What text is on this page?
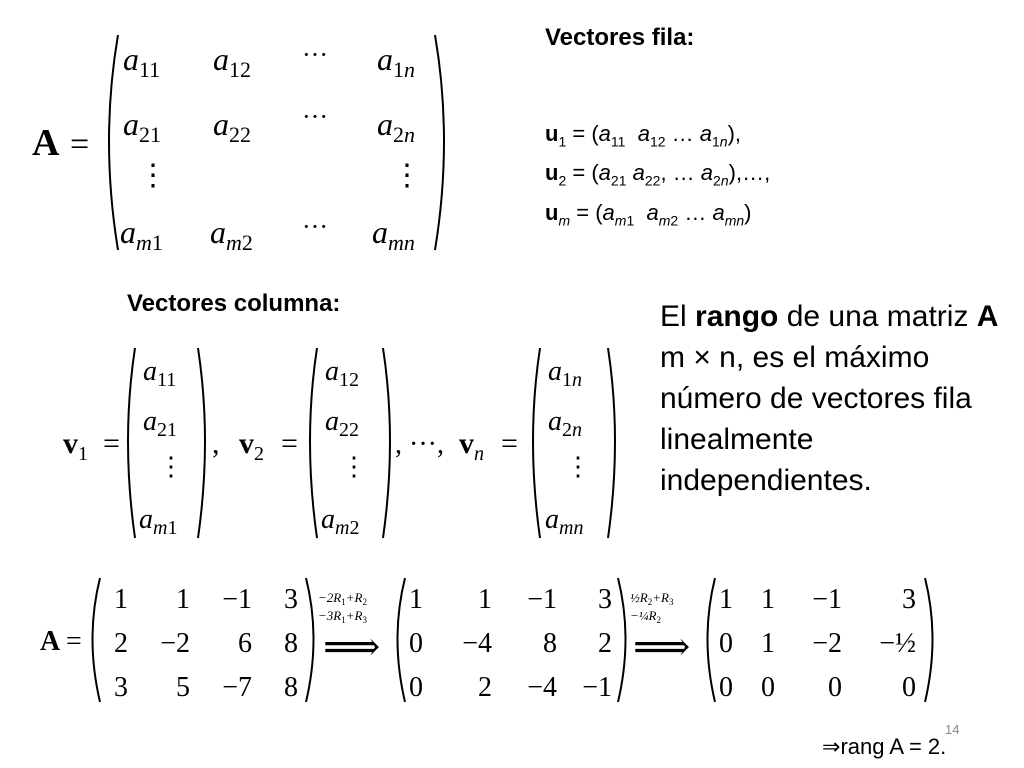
A =
$a_{11}$ $a_{12}$
··· $a_1n$
$a_{21}$ $a_{22}$
··· $a_2n$
⋮	⋮
$a_m1$ $a_m2$
··· $a_{mn}$
Vectores fila:
$u_1 = (a_{11}$ $a_{12}$ … $a_{1n}$),
$u_2 = (a_{21}$ $a_{22}$, … $a_{2n}),\dots$,
$u_m = (a_{m1}$ $a_{m2}$ … $a_{mn}$)
Vectores columna:
$v_1$ =
$a_{11}$
$a_{21}$
⋮
$a_m1$
, $v_2$ =
$a_{12}$
$a_{22}$
⋮
$a_m2$
, ···, $v_n$ =
$a_1n$
$a_2n$
⋮
$a_{mn}$
El rango de una matriz A m × n, es el máximo número de vectores fila linealmente independientes.
A =
1 1 −1 3
2 −2 6 8
3 5 −7 8
$-2R_1+R_2$
$-3R_1+R_3$
⟹
1 1 −1 3
0 −4 8 2
0 2 −4 −1
$\frac{1}{2}R_2+R_3$
$-\frac{1}{4}R_2$
⟹
1 1 −1 3
0 1 −2 −½
0 0 0 0
14
⇒rang A = 2.
